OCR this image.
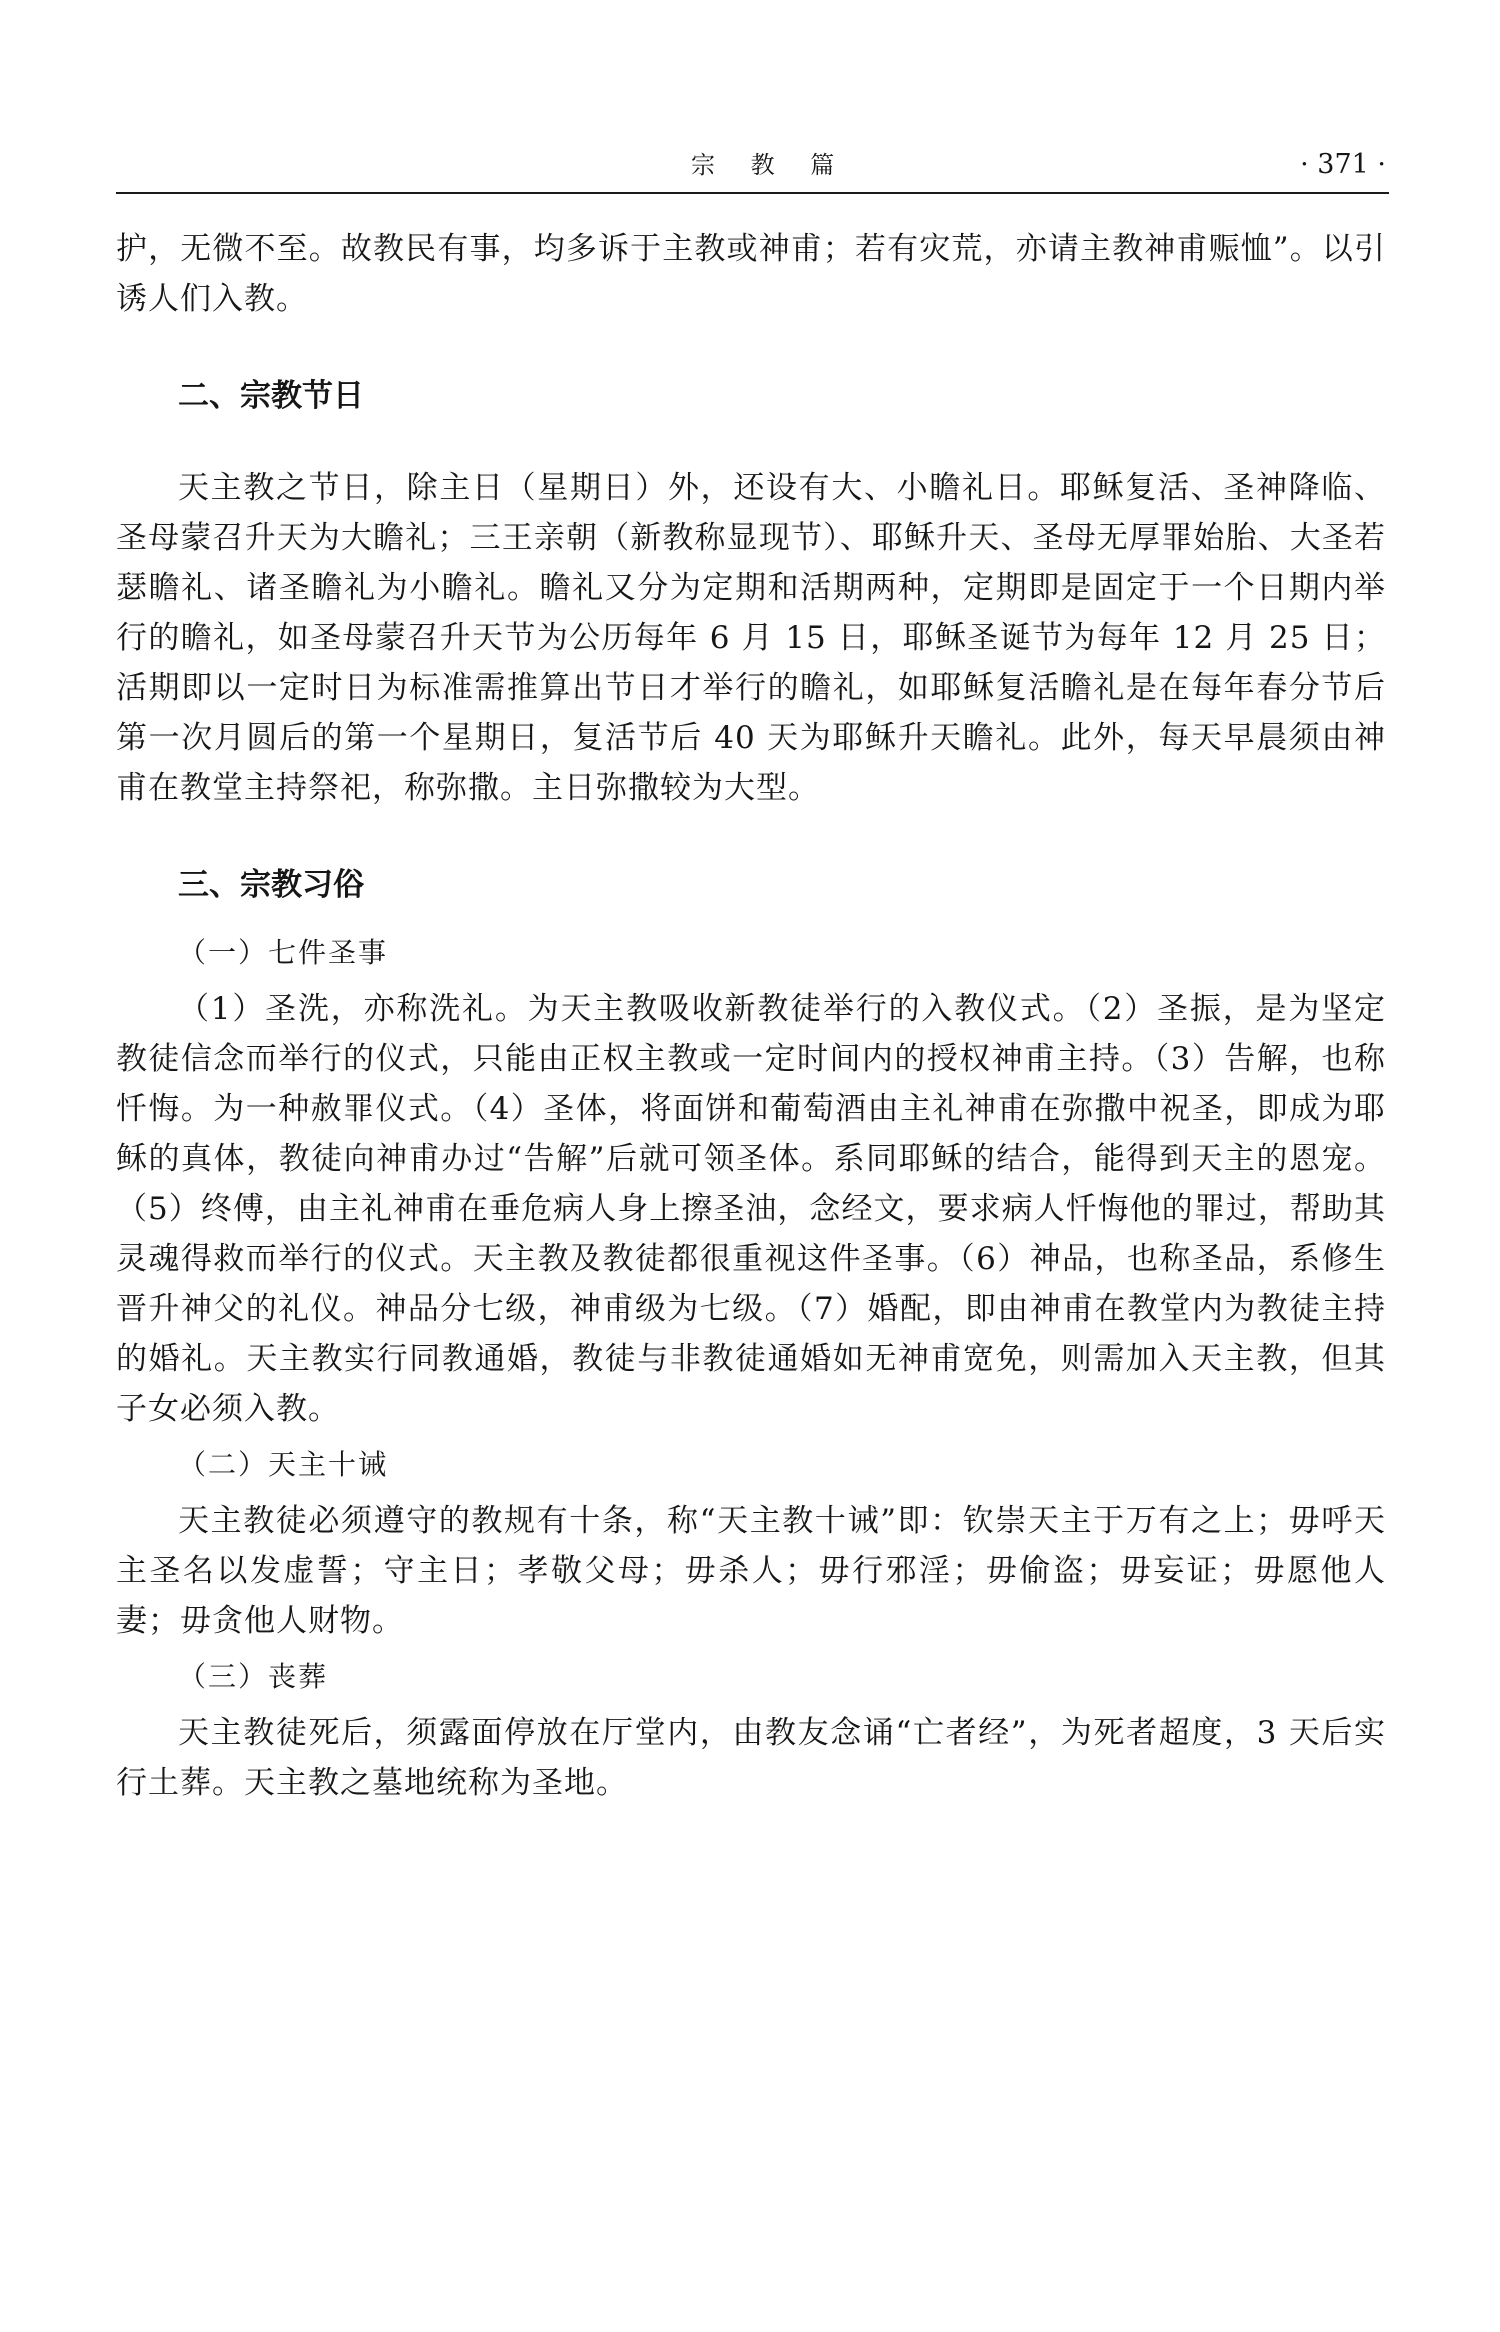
宗 教 篇	· 371 ·

护，无微不至。故教民有事，均多诉于主教或神甫；若有灾荒，亦请主教神甫赈恤”。以引诱人们入教。

二、宗教节日

天主教之节日，除主日（星期日）外，还设有大、小瞻礼日。耶稣复活、圣神降临、圣母蒙召升天为大瞻礼；三王亲朝（新教称显现节）、耶稣升天、圣母无厚罪始胎、大圣若瑟瞻礼、诸圣瞻礼为小瞻礼。瞻礼又分为定期和活期两种，定期即是固定于一个日期内举行的瞻礼，如圣母蒙召升天节为公历每年 6 月 15 日，耶稣圣诞节为每年 12 月 25 日；活期即以一定时日为标准需推算出节日才举行的瞻礼，如耶稣复活瞻礼是在每年春分节后第一次月圆后的第一个星期日，复活节后 40 天为耶稣升天瞻礼。此外，每天早晨须由神甫在教堂主持祭祀，称弥撒。主日弥撒较为大型。

三、宗教习俗
（一）七件圣事

（1）圣洗，亦称洗礼。为天主教吸收新教徒举行的入教仪式。（2）圣振，是为坚定教徒信念而举行的仪式，只能由正权主教或一定时间内的授权神甫主持。（3）告解，也称忏悔。为一种赦罪仪式。（4）圣体，将面饼和葡萄酒由主礼神甫在弥撒中祝圣，即成为耶稣的真体，教徒向神甫办过“告解”后就可领圣体。系同耶稣的结合，能得到天主的恩宠。（5）终傅，由主礼神甫在垂危病人身上擦圣油，念经文，要求病人忏悔他的罪过，帮助其灵魂得救而举行的仪式。天主教及教徒都很重视这件圣事。（6）神品，也称圣品，系修生晋升神父的礼仪。神品分七级，神甫级为七级。（7）婚配，即由神甫在教堂内为教徒主持的婚礼。天主教实行同教通婚，教徒与非教徒通婚如无神甫宽免，则需加入天主教，但其子女必须入教。

（二）天主十诫

天主教徒必须遵守的教规有十条，称“天主教十诫”即：钦崇天主于万有之上；毋呼天主圣名以发虚誓；守主日；孝敬父母；毋杀人；毋行邪淫；毋偷盗；毋妄证；毋愿他人妻；毋贪他人财物。

（三）丧葬

天主教徒死后，须露面停放在厅堂内，由教友念诵“亡者经”，为死者超度，3 天后实行土葬。天主教之墓地统称为圣地。
